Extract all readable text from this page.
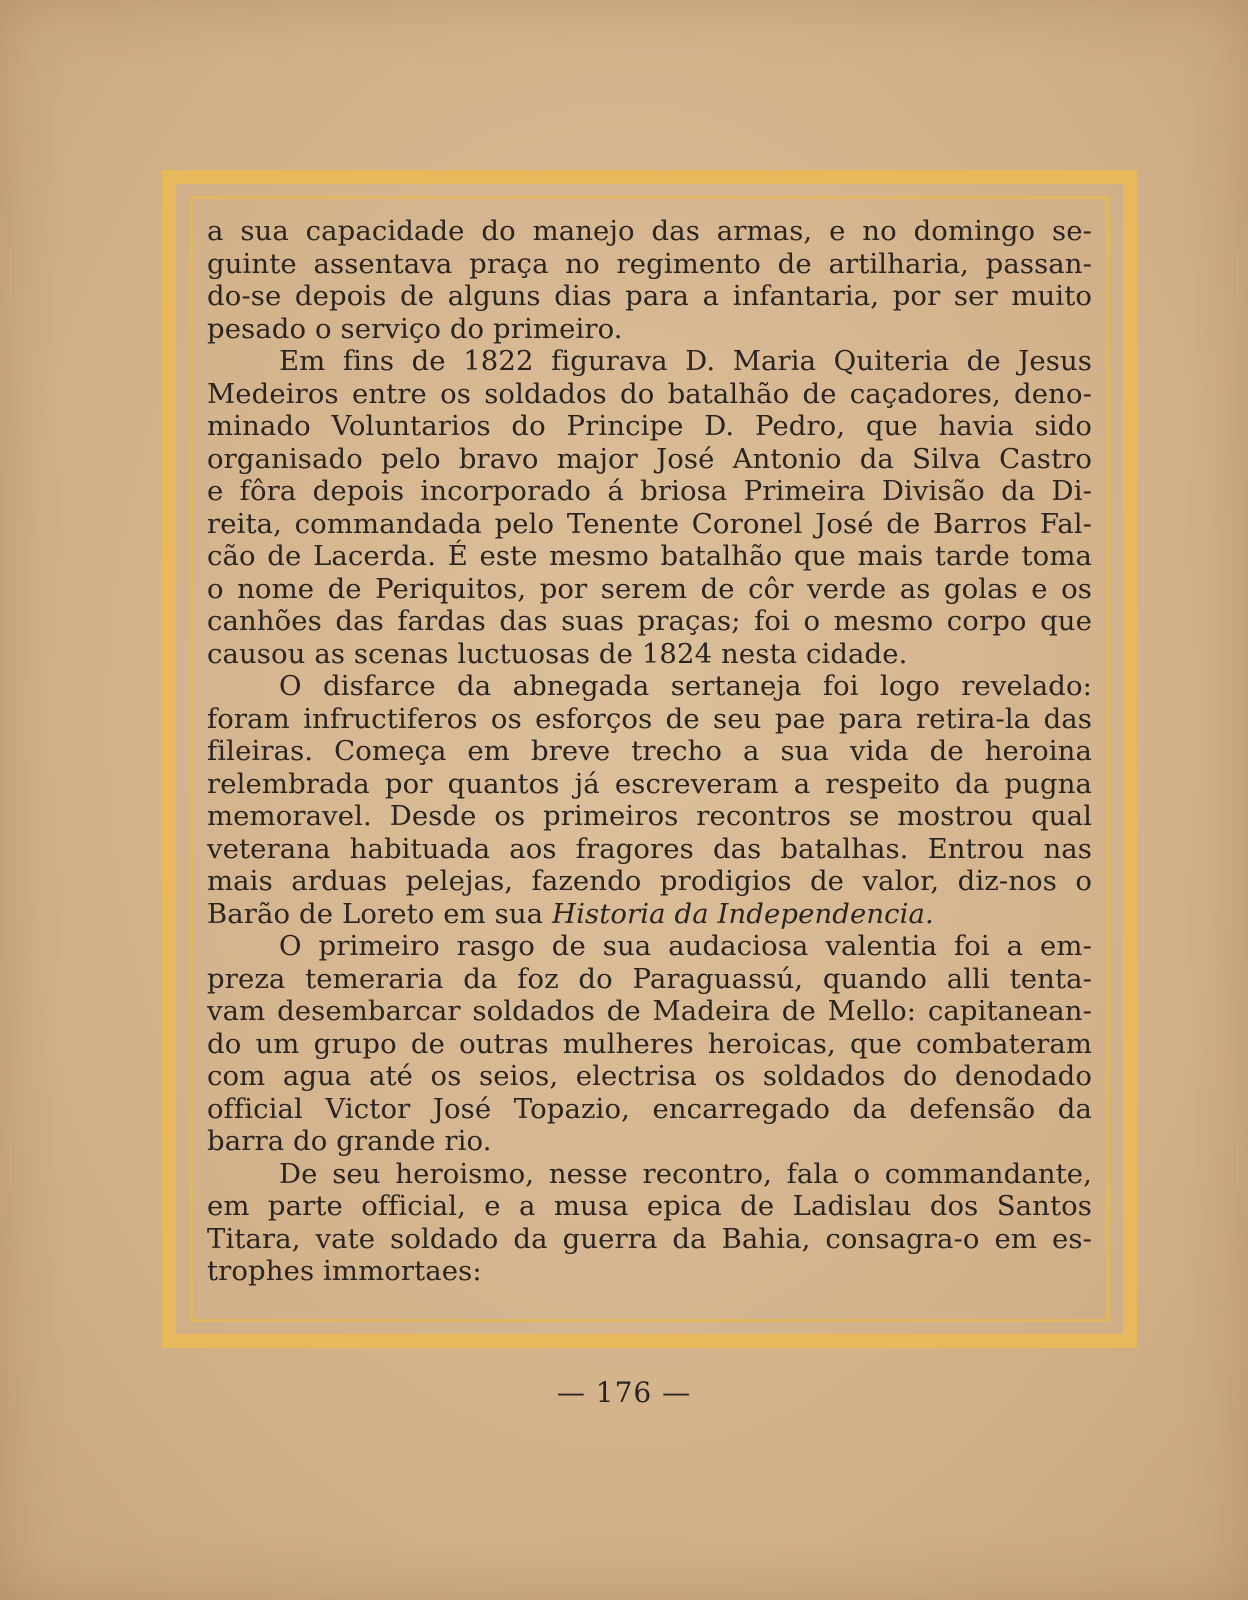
a sua capacidade do manejo das armas, e no domingo se-
guinte assentava praça no regimento de artilharia, passan-
do-se depois de alguns dias para a infantaria, por ser muito
pesado o serviço do primeiro.
Em fins de 1822 figurava D. Maria Quiteria de Jesus
Medeiros entre os soldados do batalhão de caçadores, deno-
minado Voluntarios do Principe D. Pedro, que havia sido
organisado pelo bravo major José Antonio da Silva Castro
e fôra depois incorporado á briosa Primeira Divisão da Di-
reita, commandada pelo Tenente Coronel José de Barros Fal-
cão de Lacerda. É este mesmo batalhão que mais tarde toma
o nome de Periquitos, por serem de côr verde as golas e os
canhões das fardas das suas praças; foi o mesmo corpo que
causou as scenas luctuosas de 1824 nesta cidade.
O disfarce da abnegada sertaneja foi logo revelado:
foram infructiferos os esforços de seu pae para retira-la das
fileiras. Começa em breve trecho a sua vida de heroina
relembrada por quantos já escreveram a respeito da pugna
memoravel. Desde os primeiros recontros se mostrou qual
veterana habituada aos fragores das batalhas. Entrou nas
mais arduas pelejas, fazendo prodigios de valor, diz-nos o
Barão de Loreto em sua Historia da Independencia.
O primeiro rasgo de sua audaciosa valentia foi a em-
preza temeraria da foz do Paraguassú, quando alli tenta-
vam desembarcar soldados de Madeira de Mello: capitanean-
do um grupo de outras mulheres heroicas, que combateram
com agua até os seios, electrisa os soldados do denodado
official Victor José Topazio, encarregado da defensão da
barra do grande rio.
De seu heroismo, nesse recontro, fala o commandante,
em parte official, e a musa epica de Ladislau dos Santos
Titara, vate soldado da guerra da Bahia, consagra-o em es-
trophes immortaes:
— 176 —
